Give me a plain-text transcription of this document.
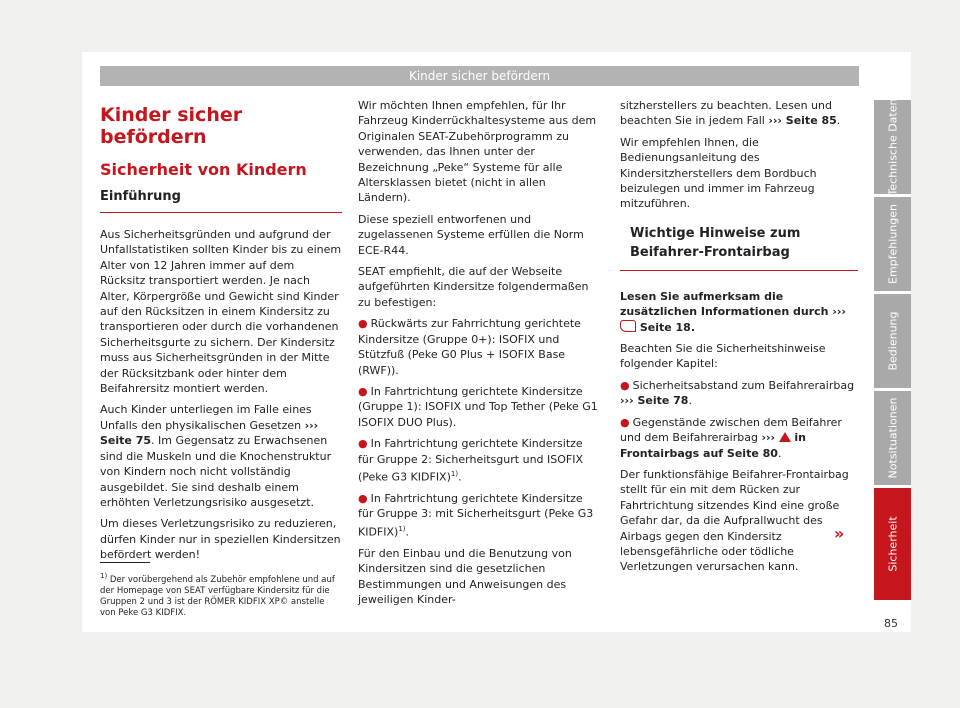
Kinder sicher befördern
Kinder sicher befördern
Sicherheit von Kindern
Einführung

Aus Sicherheitsgründen und aufgrund der Unfallstatistiken sollten Kinder bis zu einem Alter von 12 Jahren immer auf dem Rücksitz transportiert werden. Je nach Alter, Körpergröße und Gewicht sind Kinder auf den Rücksitzen in einem Kindersitz zu transportieren oder durch die vorhandenen Sicherheitsgurte zu sichern. Der Kindersitz muss aus Sicherheitsgründen in der Mitte der Rücksitzbank oder hinter dem Beifahrersitz montiert werden.

Auch Kinder unterliegen im Falle eines Unfalls den physikalischen Gesetzen ››› Seite 75. Im Gegensatz zu Erwachsenen sind die Muskeln und die Knochenstruktur von Kindern noch nicht vollständig ausgebildet. Sie sind deshalb einem erhöhten Verletzungsrisiko ausgesetzt.

Um dieses Verletzungsrisiko zu reduzieren, dürfen Kinder nur in speziellen Kindersitzen befördert werden!

Wir möchten Ihnen empfehlen, für Ihr Fahrzeug Kinderrückhaltesysteme aus dem Originalen SEAT-Zubehörprogramm zu verwenden, das Ihnen unter der Bezeichnung „Peke“ Systeme für alle Altersklassen bietet (nicht in allen Ländern).

Diese speziell entworfenen und zugelassenen Systeme erfüllen die Norm ECE-R44.

SEAT empfiehlt, die auf der Webseite aufgeführten Kindersitze folgendermaßen zu befestigen:

● Rückwärts zur Fahrrichtung gerichtete Kindersitze (Gruppe 0+): ISOFIX und Stützfuß (Peke G0 Plus + ISOFIX Base (RWF)).

● In Fahrtrichtung gerichtete Kindersitze (Gruppe 1): ISOFIX und Top Tether (Peke G1 ISOFIX DUO Plus).

● In Fahrtrichtung gerichtete Kindersitze für Gruppe 2: Sicherheitsgurt und ISOFIX (Peke G3 KIDFIX)$^{1)}$.

● In Fahrtrichtung gerichtete Kindersitze für Gruppe 3: mit Sicherheitsgurt (Peke G3 KIDFIX)$^{1)}$.

Für den Einbau und die Benutzung von Kindersitzen sind die gesetzlichen Bestimmungen und Anweisungen des jeweiligen Kinder-

sitzherstellers zu beachten. Lesen und beachten Sie in jedem Fall ››› Seite 85.

Wir empfehlen Ihnen, die Bedienungsanleitung des Kindersitzherstellers dem Bordbuch beizulegen und immer im Fahrzeug mitzuführen.

Wichtige Hinweise zum Beifahrer-Frontairbag

Lesen Sie aufmerksam die zusätzlichen Informationen durch ›››  Seite 18.

Beachten Sie die Sicherheitshinweise folgender Kapitel:

● Sicherheitsabstand zum Beifahrerairbag
››› Seite 78.

● Gegenstände zwischen dem Beifahrer und dem Beifahrerairbag ›››  in Frontairbags auf Seite 80.

Der funktionsfähige Beifahrer-Frontairbag stellt für ein mit dem Rücken zur Fahrtrichtung sitzendes Kind eine große Gefahr dar, da die Aufprallwucht des Airbags gegen den Kindersitz lebensgefährliche oder tödliche Verletzungen verursachen kann.

»
$^{1)}$ Der vorübergehend als Zubehör empfohlene und auf der Homepage von SEAT verfügbare Kindersitz für die Gruppen 2 und 3 ist der RÖMER KIDFIX XP© anstelle von Peke G3 KIDFIX.
Technische Daten
Empfehlungen
Bedienung
Notsituationen
Sicherheit
85
